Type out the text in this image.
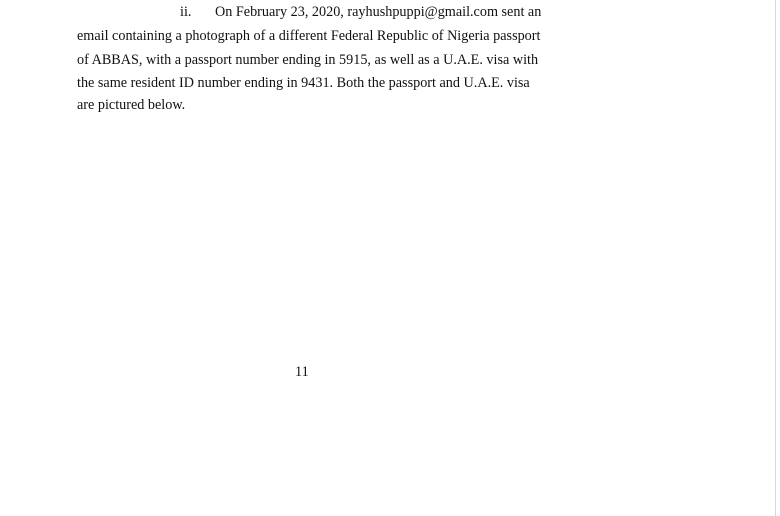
ii. On February 23, 2020, rayhushpuppi@gmail.com sent an
email containing a photograph of a different Federal Republic of Nigeria passport
of ABBAS, with a passport number ending in 5915, as well as a U.A.E. visa with
the same resident ID number ending in 9431. Both the passport and U.A.E. visa
are pictured below.
11
